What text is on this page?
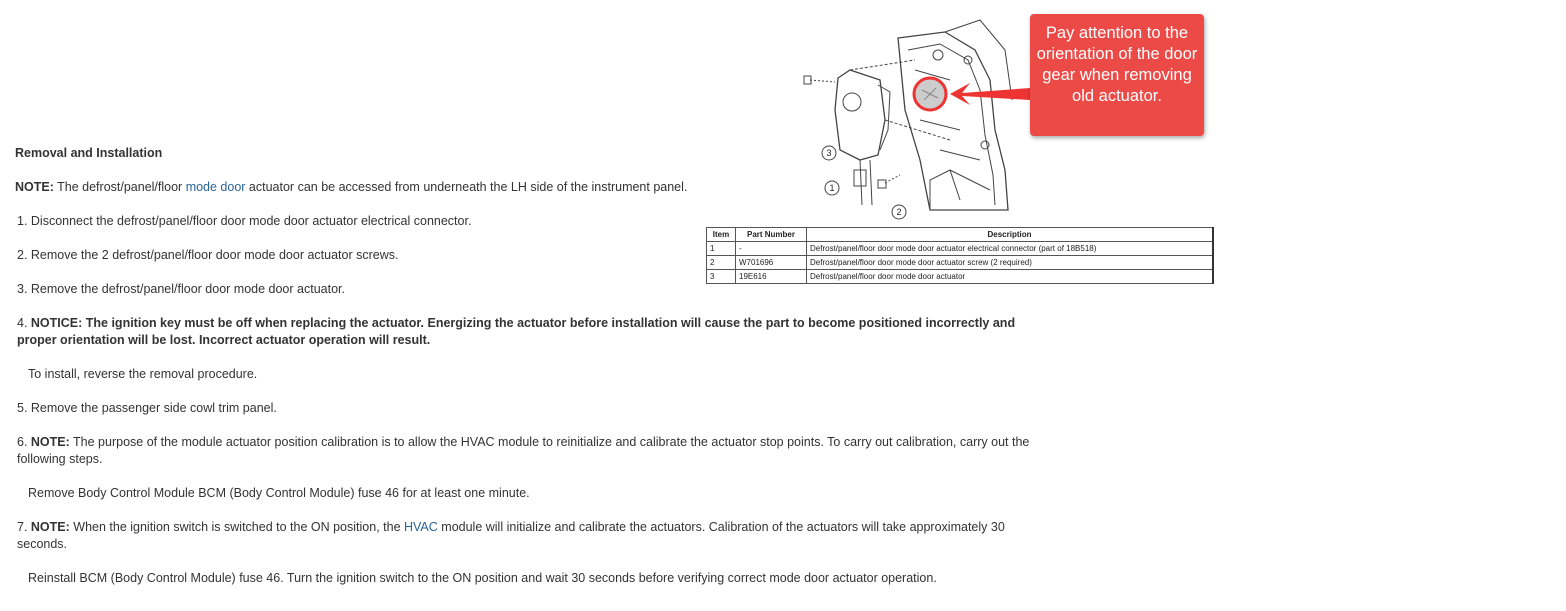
3
1
2
Pay attention to the orientation of the door gear when removing old actuator.
Item	Part Number	Description
1	-	Defrost/panel/floor door mode door actuator electrical connector (part of 18B518)
2	W701696	Defrost/panel/floor door mode door actuator screw (2 required)
3	19E616	Defrost/panel/floor door mode door actuator

Removal and Installation

NOTE: The defrost/panel/floor mode door actuator can be accessed from underneath the LH side of the instrument panel.

1. Disconnect the defrost/panel/floor door mode door actuator electrical connector.

2. Remove the 2 defrost/panel/floor door mode door actuator screws.

3. Remove the defrost/panel/floor door mode door actuator.

4. NOTICE: The ignition key must be off when replacing the actuator. Energizing the actuator before installation will cause the part to become positioned incorrectly and proper orientation will be lost. Incorrect actuator operation will result.

To install, reverse the removal procedure.

5. Remove the passenger side cowl trim panel.

6. NOTE: The purpose of the module actuator position calibration is to allow the HVAC module to reinitialize and calibrate the actuator stop points. To carry out calibration, carry out the following steps.

Remove Body Control Module BCM (Body Control Module) fuse 46 for at least one minute.

7. NOTE: When the ignition switch is switched to the ON position, the HVAC module will initialize and calibrate the actuators. Calibration of the actuators will take approximately 30 seconds.

Reinstall BCM (Body Control Module) fuse 46. Turn the ignition switch to the ON position and wait 30 seconds before verifying correct mode door actuator operation.
